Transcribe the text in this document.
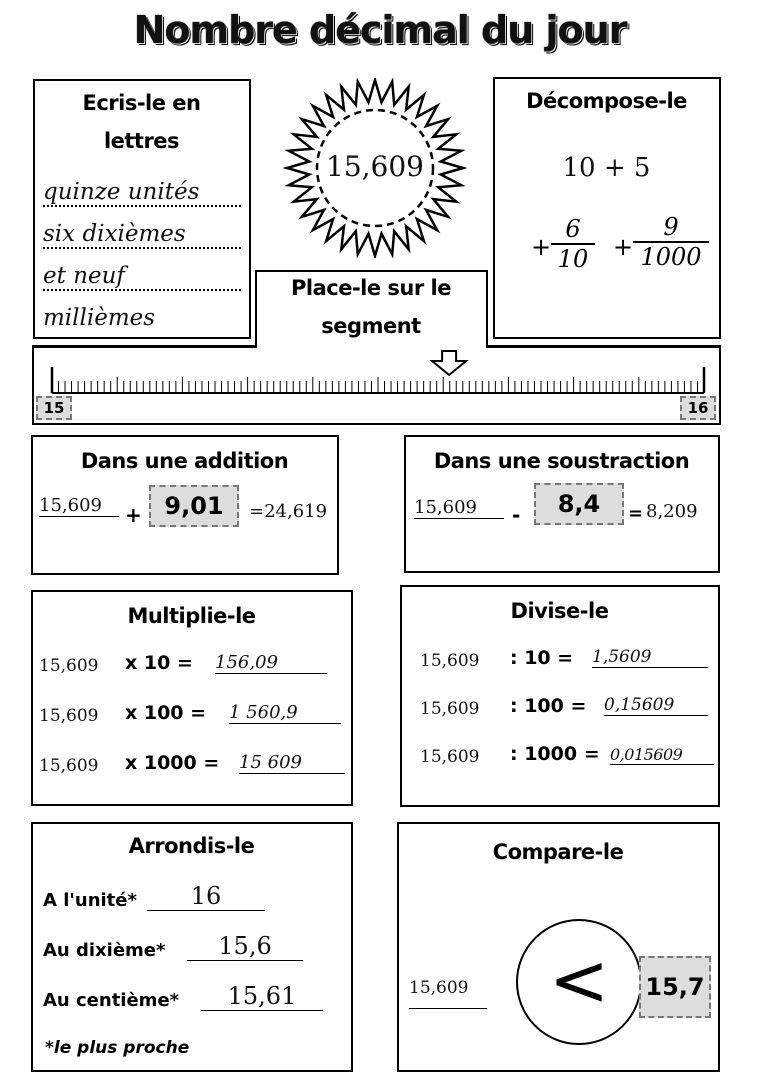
Nombre décimal du jour
Ecris-le en
lettres
quinze unités
six dixièmes
et neuf
millièmes
15,609
Décompose-le
10 + 5
+ $\frac{6}{10} + \frac{9}{1000}$
Place-le sur le
segment
15	16
Dans une addition
15,609	+ 9,01	=24,619
Dans une soustraction
15,609	-	8,4	= 8,209
Multiplie-le
15,609 x 10 = 156,09
15,609 x 100 = 1 560,9
15,609 x 1000 = 15 609
Divise-le
15,609 : 10 = 1,5609
15,609 : 100 = 0,15609
15,609 : 1000 = 0,015609
Arrondis-le
A l'unité*	16
Au dixième*	15,6
Au centième*	15,61
*le plus proche
Compare-le
15,609	<	15,7
